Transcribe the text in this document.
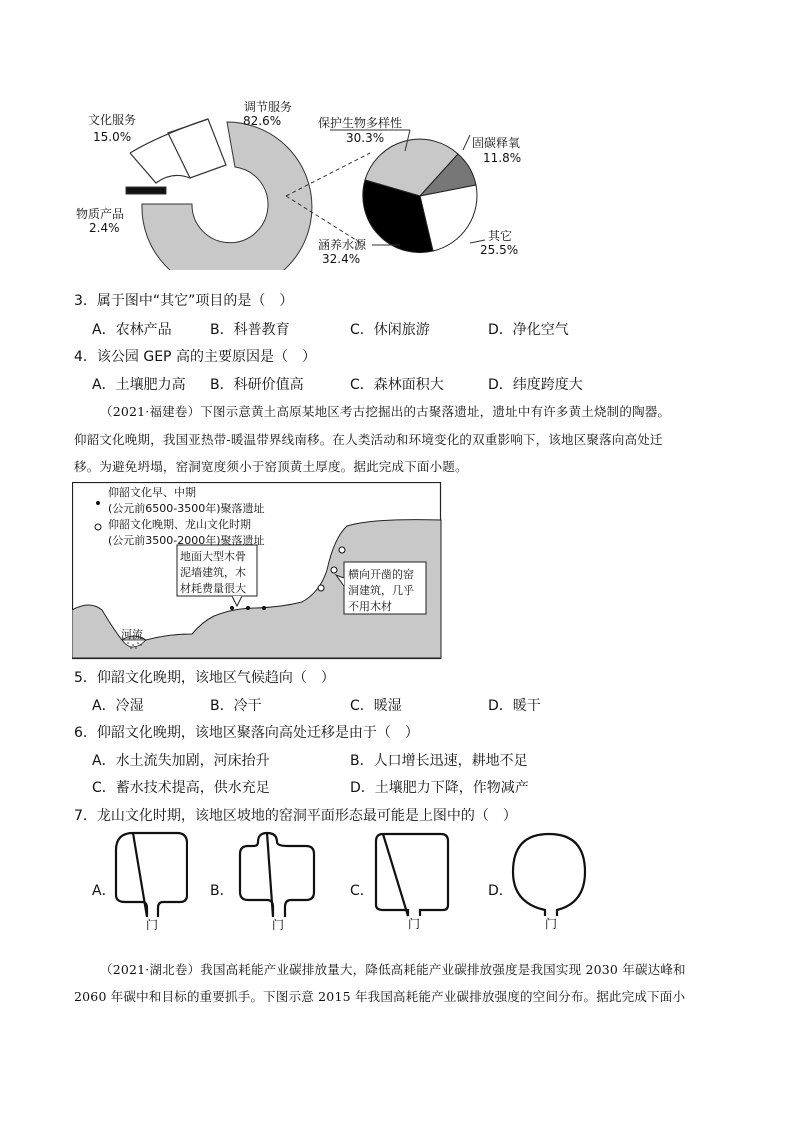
文化服务
15.0%
调节服务
82.6%
物质产品
2.4%
保护生物多样性
30.3%	固碳释氧
11.8%
涵养水源
32.4%
其它
25.5%
3．属于图中“其它”项目的是（　）
A．农林产品	B．科普教育	C．休闲旅游	D．净化空气
4．该公园 GEP 高的主要原因是（　）
A．土壤肥力高 B．科研价值高	C．森林面积大	D．纬度跨度大
（2021·福建卷）下图示意黄土高原某地区考古挖掘出的古聚落遗址，遗址中有许多黄土烧制的陶器。
仰韶文化晚期，我国亚热带-暖温带界线南移。在人类活动和环境变化的双重影响下，该地区聚落向高处迁
移。为避免坍塌，窑洞宽度须小于窑顶黄土厚度。据此完成下面小题。
仰韶文化早、中期
(公元前6500-3500年)聚落遗址
仰韶文化晚期、龙山文化时期
(公元前3500-2000年)聚落遗址
地面大型木骨
泥墙建筑，木
材耗费量很大
横向开凿的窑
洞建筑，几乎
不用木材
河流
5．仰韶文化晚期，该地区气候趋向（　）
A．冷湿	B．冷干	C．暖湿	D．暖干
6．仰韶文化晚期，该地区聚落向高处迁移是由于（　）
A．水土流失加剧，河床抬升	B．人口增长迅速，耕地不足
C．蓄水技术提高，供水充足	D．土壤肥力下降，作物减产
7．龙山文化时期，该地区坡地的窑洞平面形态最可能是上图中的（　）
A．
门
B．
门
C．
门
D．
门
（2021·湖北卷）我国高耗能产业碳排放量大，降低高耗能产业碳排放强度是我国实现 2030 年碳达峰和
2060 年碳中和目标的重要抓手。下图示意 2015 年我国高耗能产业碳排放强度的空间分布。据此完成下面小
